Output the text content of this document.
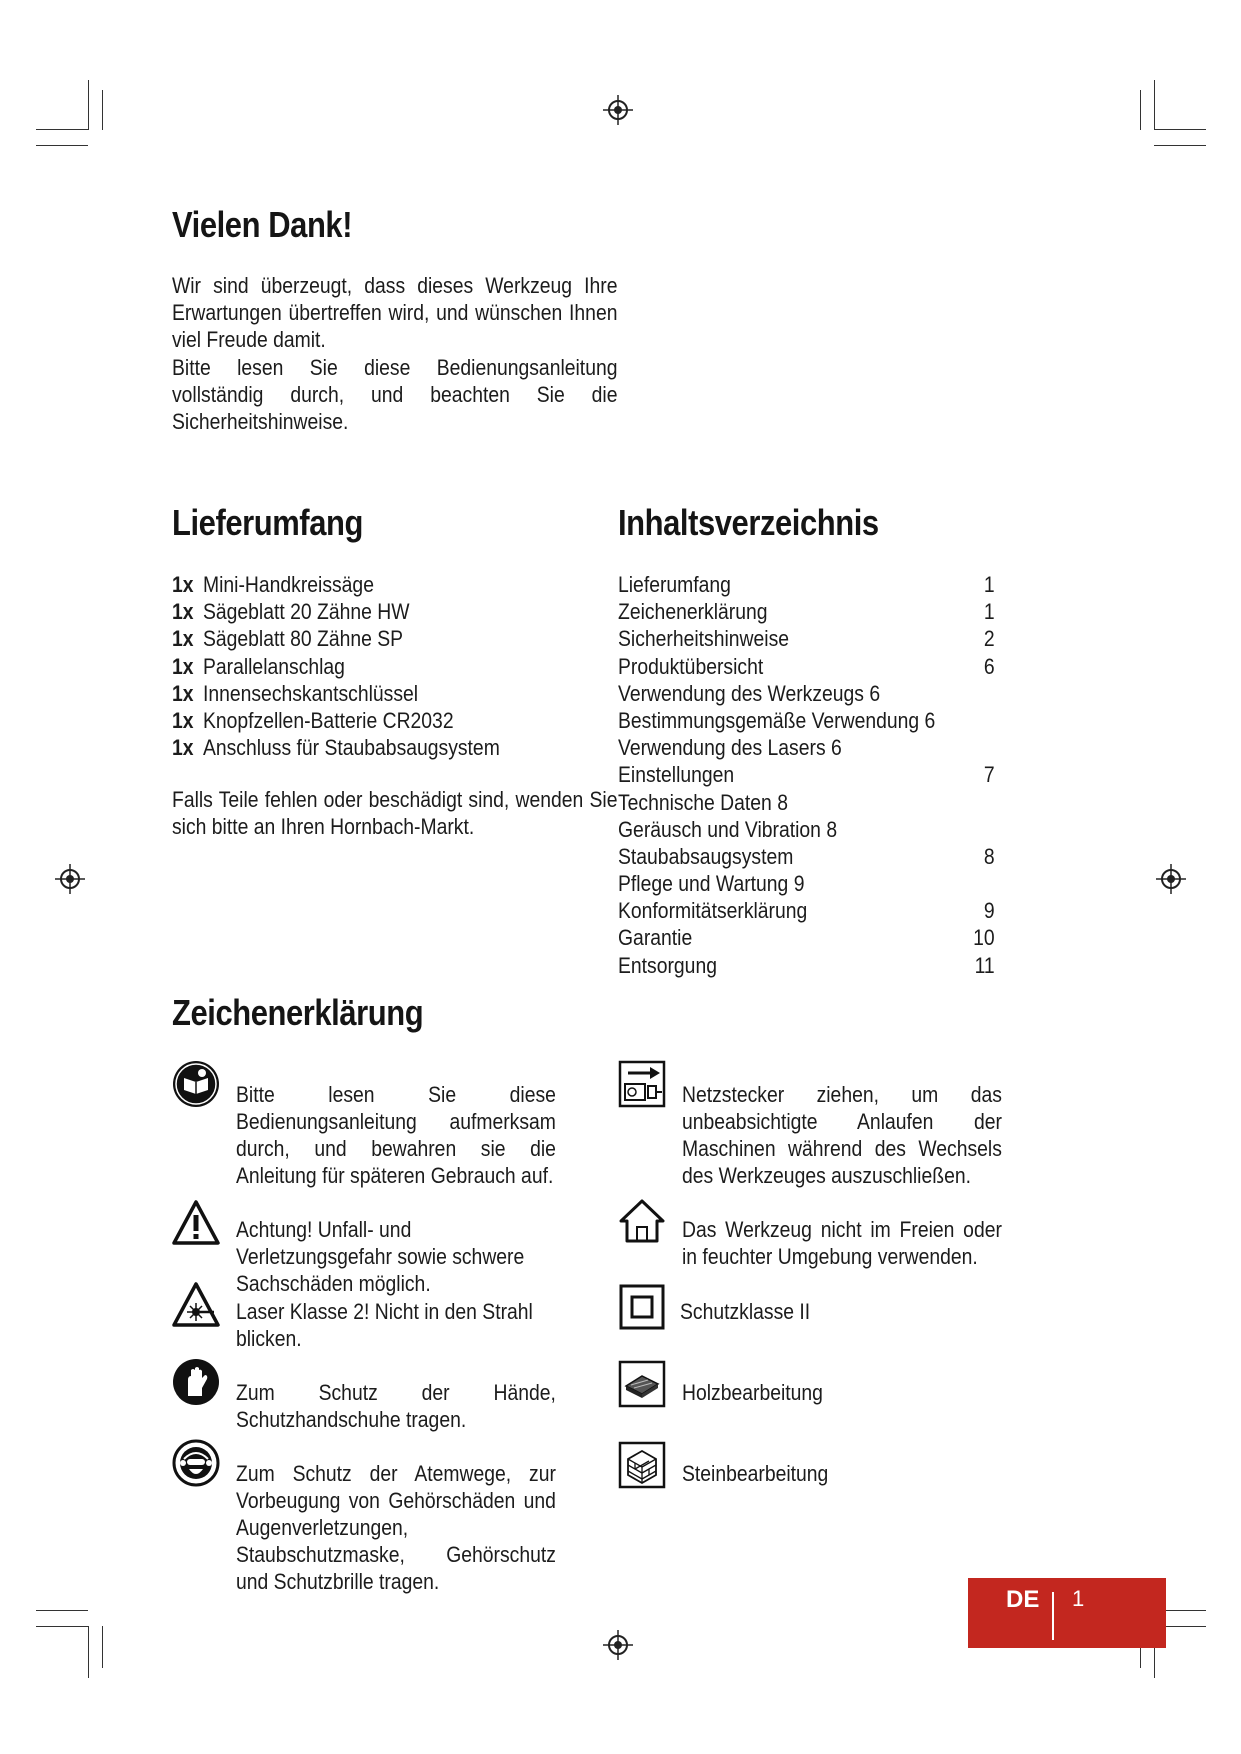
Vielen Dank!

Wir sind überzeugt, dass dieses Werkzeug Ihre Erwartungen übertreffen wird, und wünschen Ihnen viel Freude damit.

Bitte lesen Sie diese Bedienungsanleitung vollständig durch, und beachten Sie die Sicherheitshinweise.

Lieferumfang
1x Mini-Handkreissäge
1x Sägeblatt 20 Zähne HW
1x Sägeblatt 80 Zähne SP
1x Parallelanschlag
1x Innensechskantschlüssel
1x Knopfzellen-Batterie CR2032
1x Anschluss für Staubabsaugsystem

Falls Teile fehlen oder beschädigt sind, wenden Sie sich bitte an Ihren Hornbach-Markt.

Inhaltsverzeichnis
Lieferumfang	1
Zeichenerklärung	1
Sicherheitshinweise	2
Produktübersicht	6
Verwendung des Werkzeugs 6
Bestimmungsgemäße Verwendung 6
Verwendung des Lasers 6
Einstellungen	7
Technische Daten 8
Geräusch und Vibration 8
Staubabsaugsystem	8
Pflege und Wartung 9
Konformitätserklärung	9
Garantie	10
Entsorgung	11
Zeichenerklärung

Bitte lesen Sie diese Bedienungsanleitung aufmerksam durch, und bewahren sie die Anleitung für späteren Gebrauch auf.

Achtung! Unfall- und Verletzungsgefahr sowie schwere Sachschäden möglich.

Laser Klasse 2! Nicht in den Strahl blicken.

Zum Schutz der Hände, Schutzhandschuhe tragen.

Zum Schutz der Atemwege, zur Vorbeugung von Gehörschäden und Augenverletzungen, Staubschutzmaske, Gehörschutz und Schutzbrille tragen.

Netzstecker ziehen, um das unbeabsichtigte Anlaufen der Maschinen während des Wechsels des Werkzeuges auszuschließen.

Das Werkzeug nicht im Freien oder in feuchter Umgebung verwenden.

Schutzklasse II

Holzbearbeitung

Steinbearbeitung

DE 1
